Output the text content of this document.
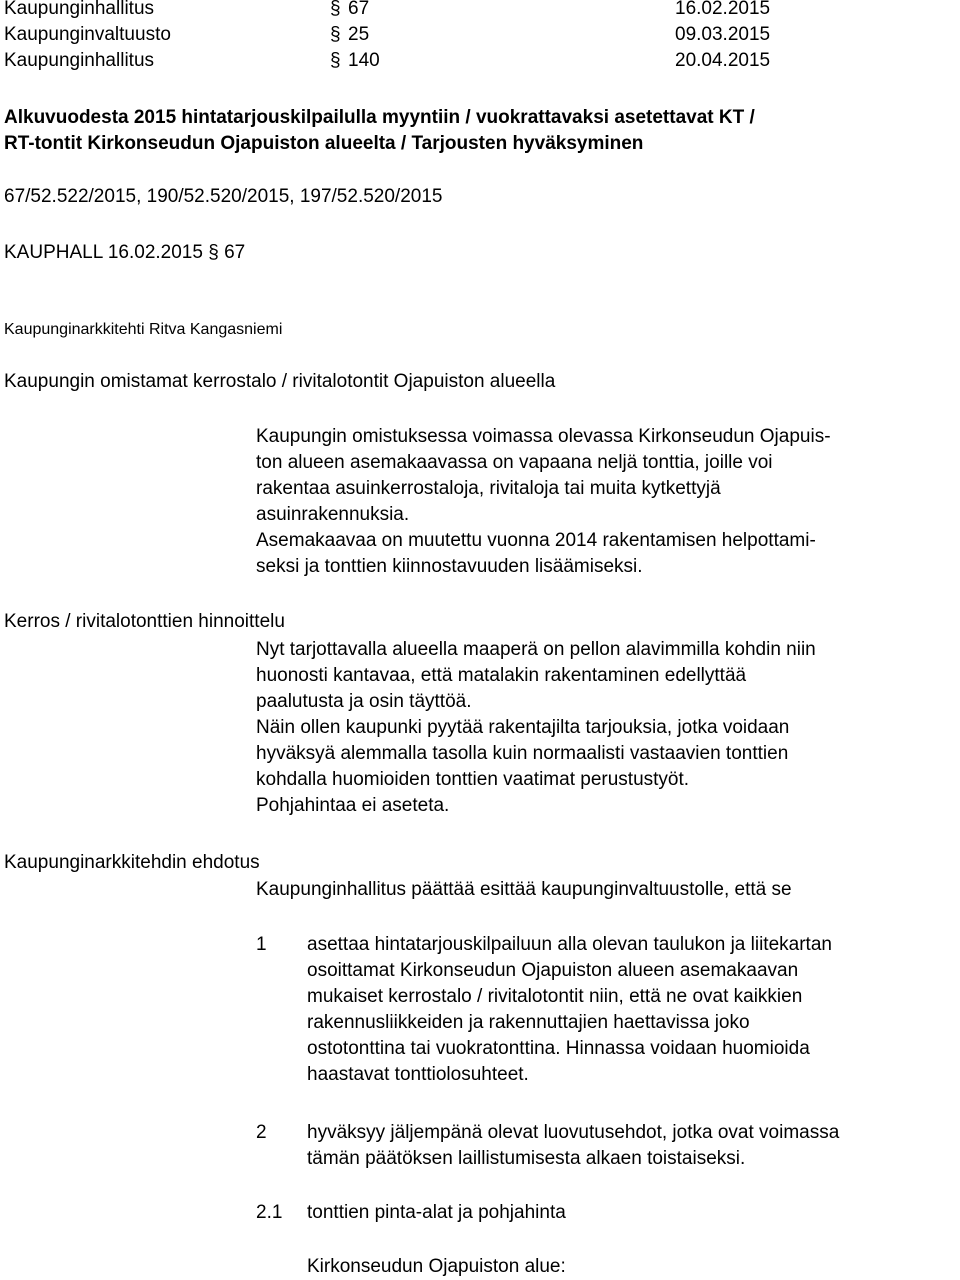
Kaupunginhallitus	§ 67	16.02.2015
Kaupunginvaltuusto	§ 25	09.03.2015
Kaupunginhallitus	§ 140	20.04.2015
Alkuvuodesta 2015 hintatarjouskilpailulla myyntiin / vuokrattavaksi asetettavat KT /
RT-tontit Kirkonseudun Ojapuiston alueelta / Tarjousten hyväksyminen
67/52.522/2015, 190/52.520/2015, 197/52.520/2015
KAUPHALL 16.02.2015 § 67
Kaupunginarkkitehti Ritva Kangasniemi
Kaupungin omistamat kerrostalo / rivitalotontit Ojapuiston alueella

Kaupungin omistuksessa voimassa olevassa Kirkonseudun Ojapuis-

ton alueen asemakaavassa on vapaana neljä tonttia, joille voi

rakentaa asuinkerrostaloja, rivitaloja tai muita kytkettyjä

asuinrakennuksia.

Asemakaavaa on muutettu vuonna 2014 rakentamisen helpottami-

seksi ja tonttien kiinnostavuuden lisäämiseksi.

Kerros / rivitalotonttien hinnoittelu

Nyt tarjottavalla alueella maaperä on pellon alavimmilla kohdin niin

huonosti kantavaa, että matalakin rakentaminen edellyttää

paalutusta ja osin täyttöä.

Näin ollen kaupunki pyytää rakentajilta tarjouksia, jotka voidaan

hyväksyä alemmalla tasolla kuin normaalisti vastaavien tonttien

kohdalla huomioiden tonttien vaatimat perustustyöt.

Pohjahintaa ei aseteta.

Kaupunginarkkitehdin ehdotus
Kaupunginhallitus päättää esittää kaupunginvaltuustolle, että se
1 asettaa hintatarjouskilpailuun alla olevan taulukon ja liitekartan

osoittamat Kirkonseudun Ojapuiston alueen asemakaavan

mukaiset kerrostalo / rivitalotontit niin, että ne ovat kaikkien

rakennusliikkeiden ja rakennuttajien haettavissa joko

ostotonttina tai vuokratonttina. Hinnassa voidaan huomioida

haastavat tonttiolosuhteet.

2 hyväksyy jäljempänä olevat luovutusehdot, jotka ovat voimassa

tämän päätöksen laillistumisesta alkaen toistaiseksi.

2.1 tonttien pinta-alat ja pohjahinta

Kirkonseudun Ojapuiston alue:
